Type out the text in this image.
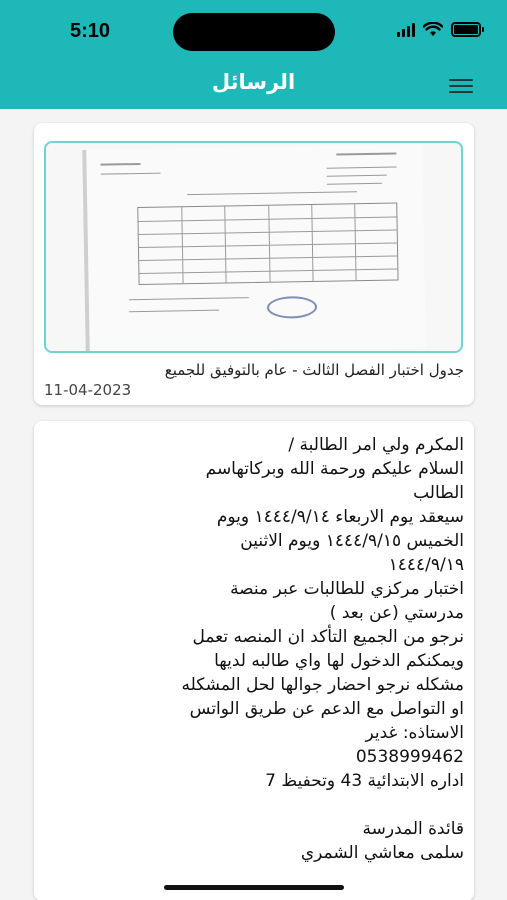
5:10
الرسائل
جدول اختبار الفصل الثالث - عام بالتوفيق للجميع
11-04-2023
المكرم ولي امر الطالبة /
السلام عليكم ورحمة الله وبركاتهاسم الطالب
سيعقد يوم الاربعاء ١٤٤٤/٩/١٤ ويوم الخميس ١٤٤٤/٩/١٥ ويوم الاثنين ١٤٤٤/٩/١٩
اختبار مركزي للطالبات عبر منصة مدرستي (عن بعد )
نرجو من الجميع التأكد ان المنصه تعمل ويمكنكم الدخول لها واي طالبه لديها مشكله نرجو احضار جوالها لحل المشكله او التواصل مع الدعم عن طريق الواتس
الاستاذه: غدير
0538999462
اداره الابتدائية 43 وتحفيظ 7

قائدة المدرسة
سلمى معاشي الشمري
